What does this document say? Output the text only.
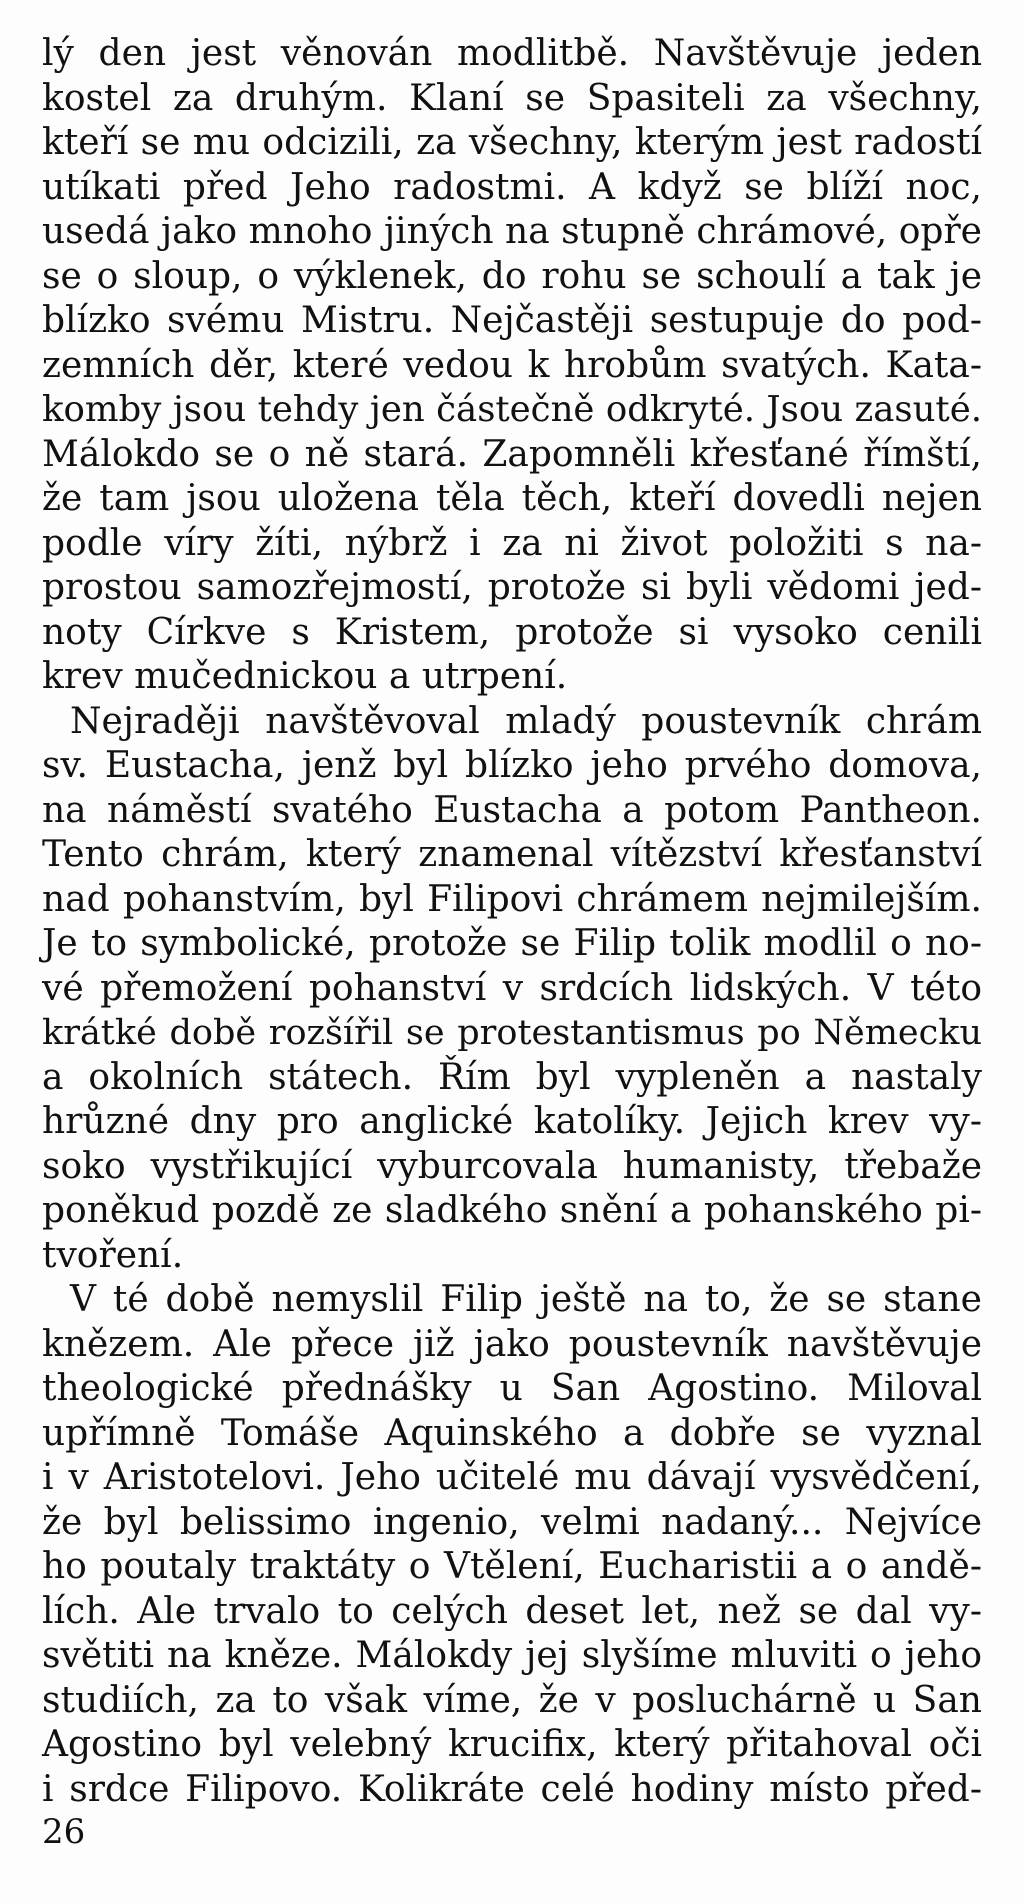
lý den jest věnován modlitbě. Navštěvuje jeden
kostel za druhým. Klaní se Spasiteli za všechny,
kteří se mu odcizili, za všechny, kterým jest radostí
utíkati před Jeho radostmi. A když se blíží noc,
usedá jako mnoho jiných na stupně chrámové, opře
se o sloup, o výklenek, do rohu se schoulí a tak je
blízko svému Mistru. Nejčastěji sestupuje do pod-
zemních děr, které vedou k hrobům svatých. Kata-
komby jsou tehdy jen částečně odkryté. Jsou zasuté.
Málokdo se o ně stará. Zapomněli křesťané římští,
že tam jsou uložena těla těch, kteří dovedli nejen
podle víry žíti, nýbrž i za ni život položiti s na-
prostou samozřejmostí, protože si byli vědomi jed-
noty Církve s Kristem, protože si vysoko cenili
krev mučednickou a utrpení.
Nejraději navštěvoval mladý poustevník chrám
sv. Eustacha, jenž byl blízko jeho prvého domova,
na náměstí svatého Eustacha a potom Pantheon.
Tento chrám, který znamenal vítězství křesťanství
nad pohanstvím, byl Filipovi chrámem nejmilejším.
Je to symbolické, protože se Filip tolik modlil o no-
vé přemožení pohanství v srdcích lidských. V této
krátké době rozšířil se protestantismus po Německu
a okolních státech. Řím byl vypleněn a nastaly
hrůzné dny pro anglické katolíky. Jejich krev vy-
soko vystřikující vyburcovala humanisty, třebaže
poněkud pozdě ze sladkého snění a pohanského pi-
tvoření.
V té době nemyslil Filip ještě na to, že se stane
knězem. Ale přece již jako poustevník navštěvuje
theologické přednášky u San Agostino. Miloval
upřímně Tomáše Aquinského a dobře se vyznal
i v Aristotelovi. Jeho učitelé mu dávají vysvědčení,
že byl belissimo ingenio, velmi nadaný... Nejvíce
ho poutaly traktáty o Vtělení, Eucharistii a o andě-
lích. Ale trvalo to celých deset let, než se dal vy-
světiti na kněze. Málokdy jej slyšíme mluviti o jeho
studiích, za to však víme, že v posluchárně u San
Agostino byl velebný krucifix, který přitahoval oči
i srdce Filipovo. Kolikráte celé hodiny místo před-
26
